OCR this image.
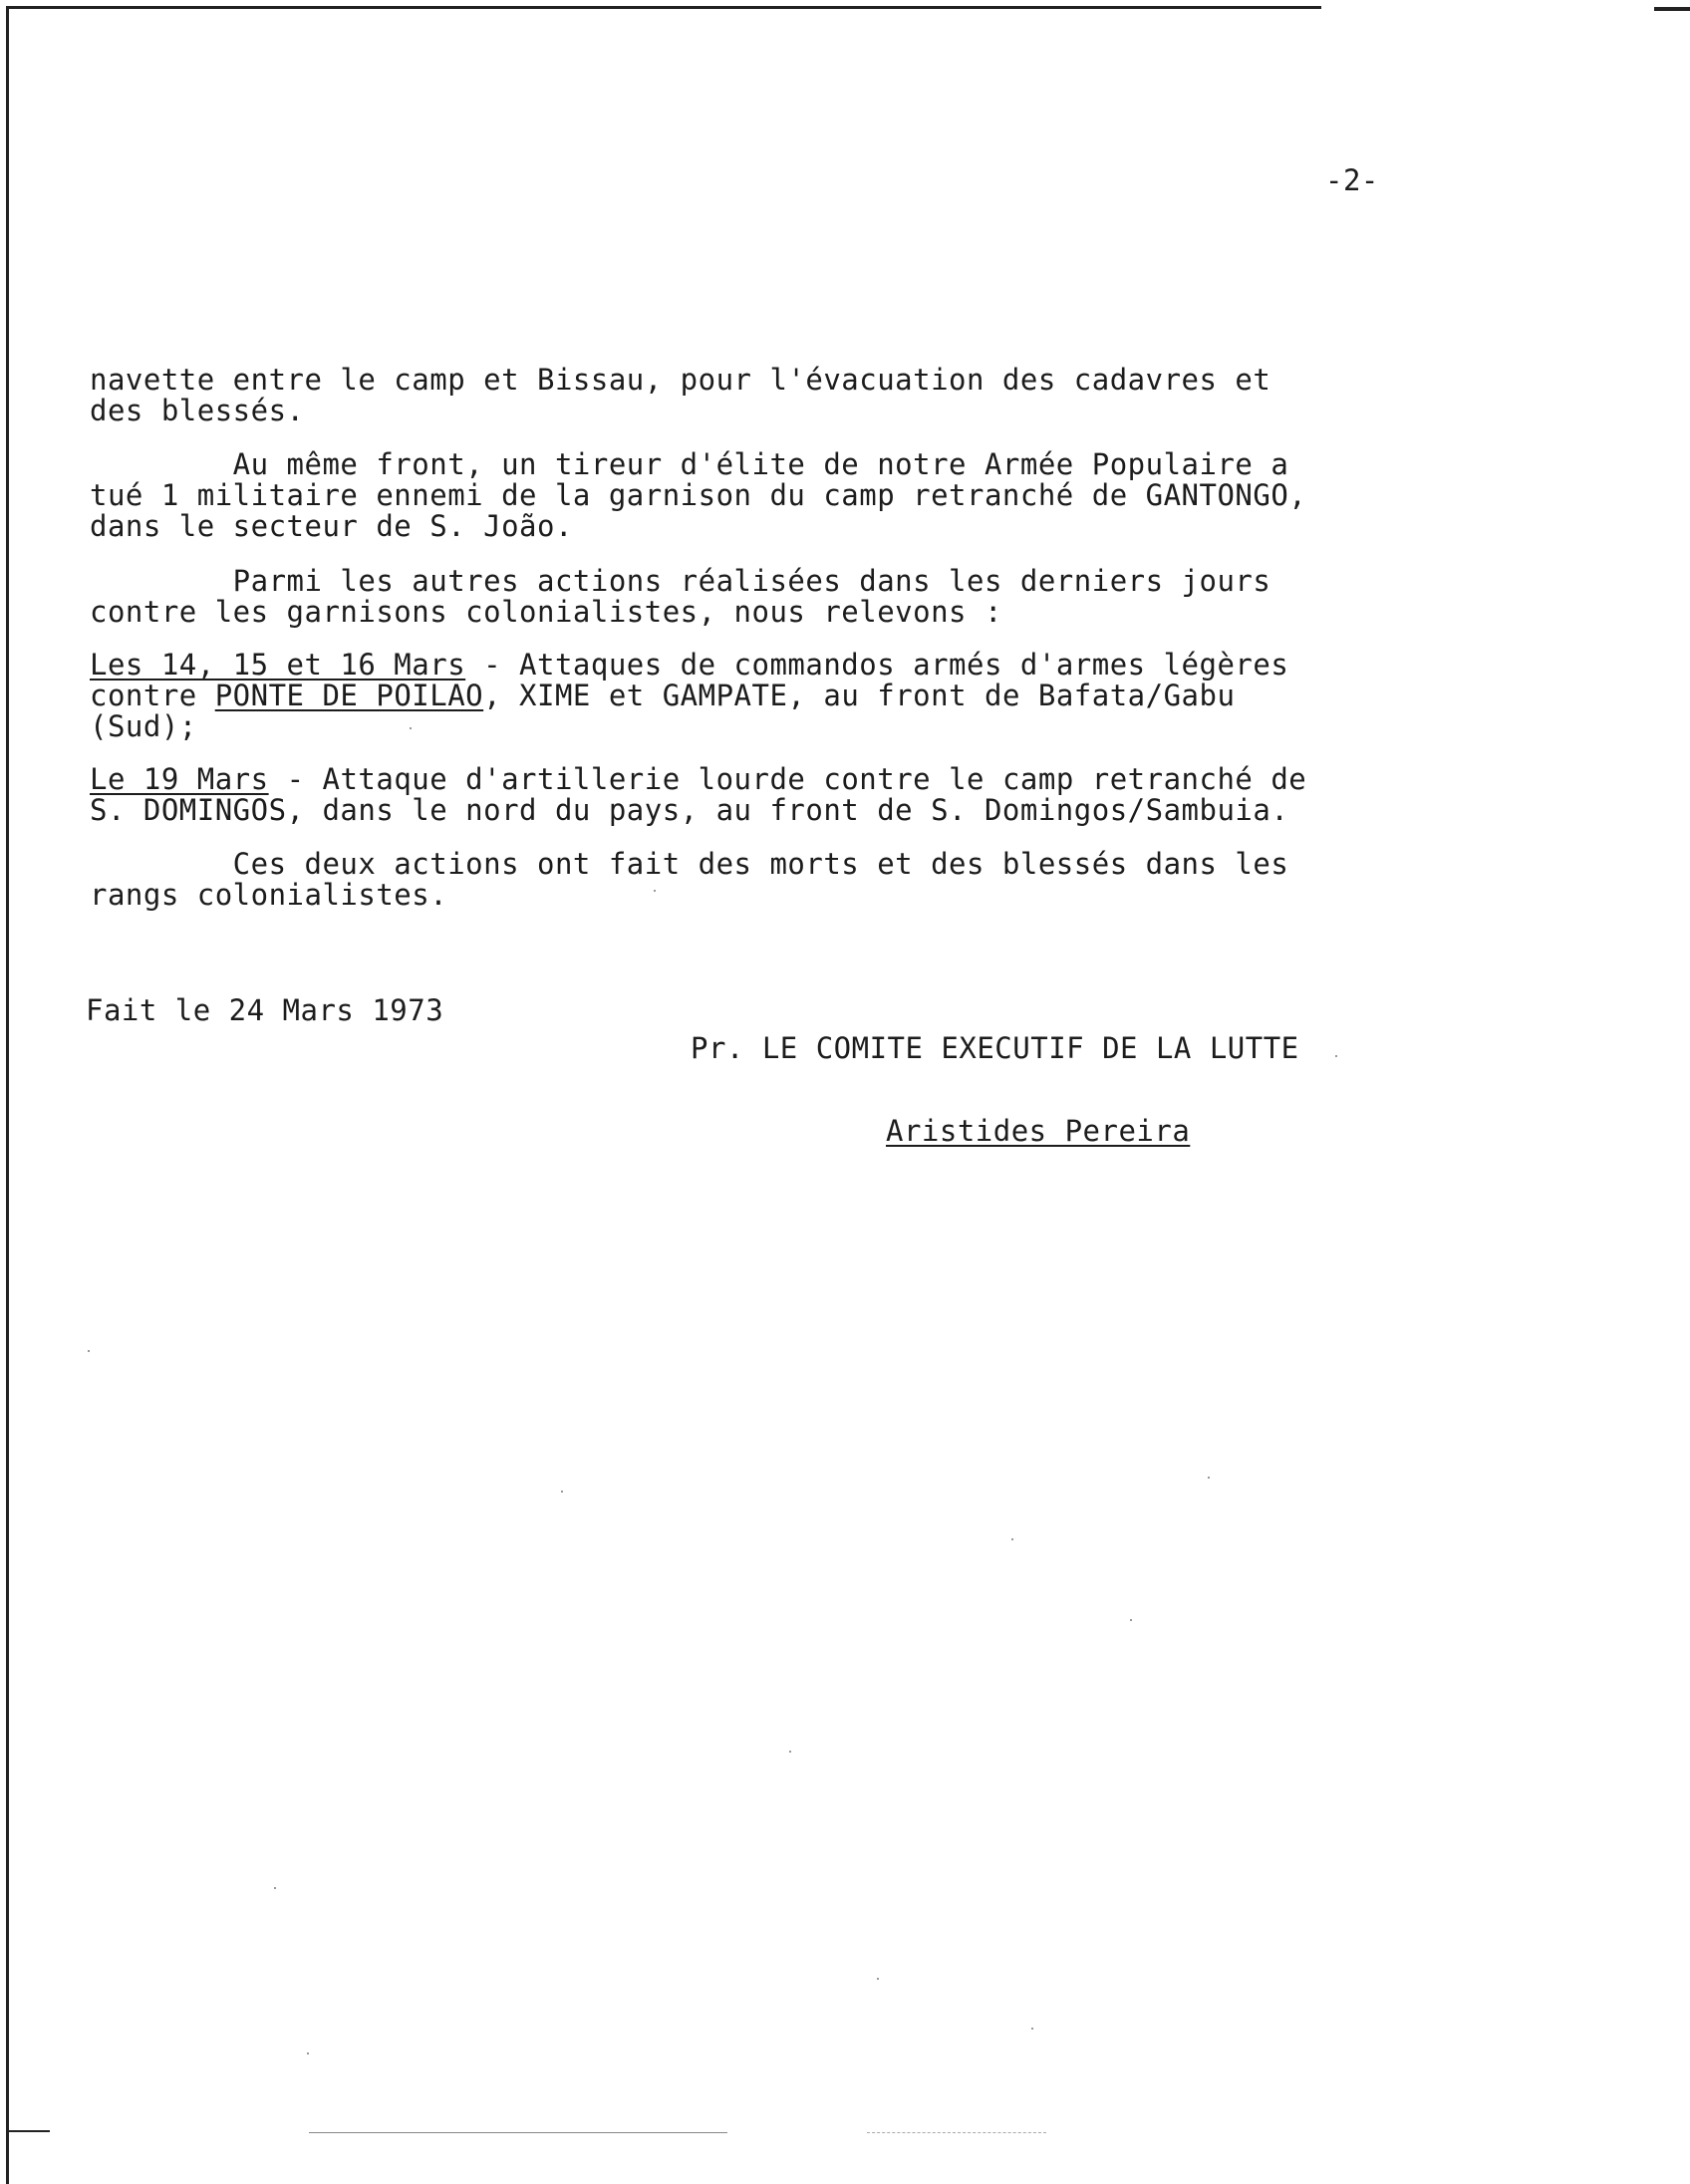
-2-
navette entre le camp et Bissau, pour l'évacuation des cadavres et
des blessés.
Au même front, un tireur d'élite de notre Armée Populaire a
tué 1 militaire ennemi de la garnison du camp retranché de GANTONGO,
dans le secteur de S. João.
Parmi les autres actions réalisées dans les derniers jours
contre les garnisons colonialistes, nous relevons :
Les 14, 15 et 16 Mars - Attaques de commandos armés d'armes légères
contre PONTE DE POILAO, XIME et GAMPATE, au front de Bafata/Gabu
(Sud);
Le 19 Mars - Attaque d'artillerie lourde contre le camp retranché de
S. DOMINGOS, dans le nord du pays, au front de S. Domingos/Sambuia.
Ces deux actions ont fait des morts et des blessés dans les
rangs colonialistes.
Fait le 24 Mars 1973
Pr. LE COMITE EXECUTIF DE LA LUTTE
Aristides Pereira
